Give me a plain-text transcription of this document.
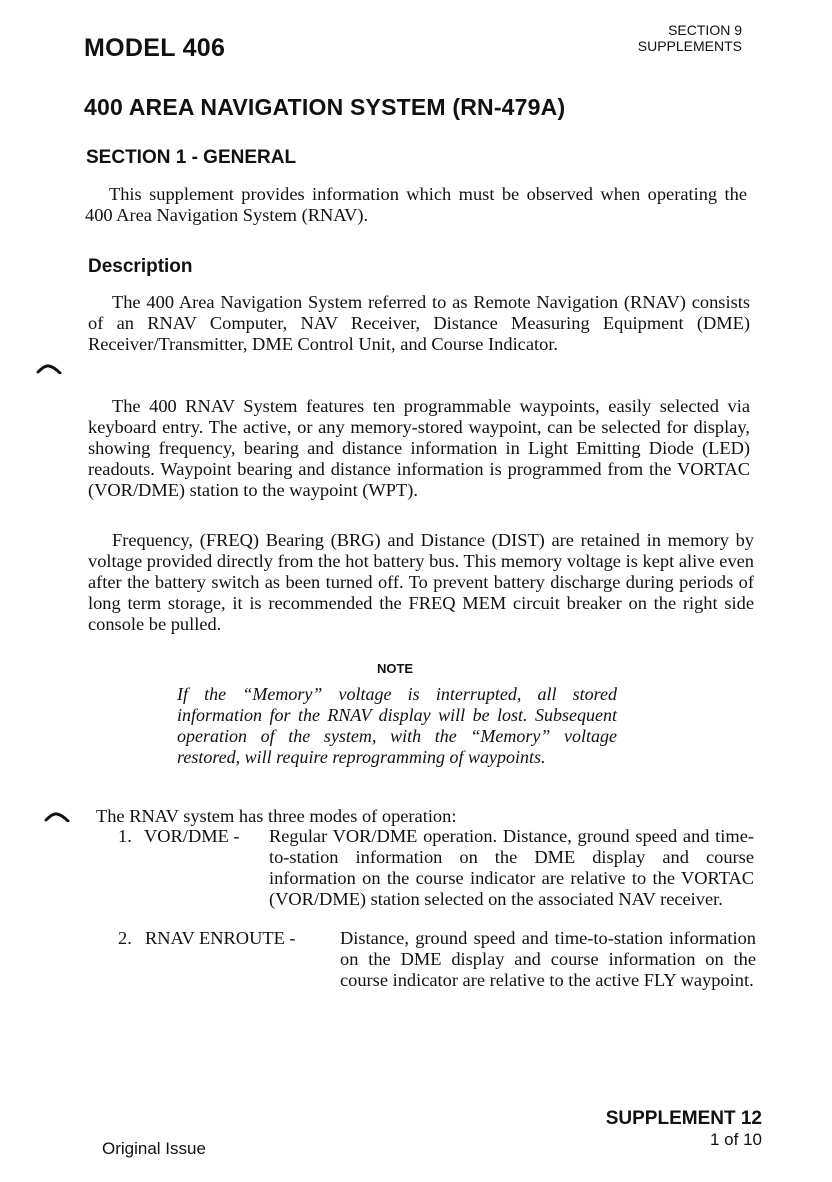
MODEL 406
SECTION 9
SUPPLEMENTS
400 AREA NAVIGATION SYSTEM (RN-479A)
SECTION 1 - GENERAL

This supplement provides information which must be observed when operating the 400 Area Navigation System (RNAV).

Description

The 400 Area Navigation System referred to as Remote Navigation (RNAV) consists of an RNAV Computer, NAV Receiver, Distance Measuring Equipment (DME) Receiver/Transmitter, DME Control Unit, and Course Indicator.

The 400 RNAV System features ten programmable waypoints, easily selected via keyboard entry. The active, or any memory-stored waypoint, can be selected for display, showing frequency, bearing and distance information in Light Emitting Diode (LED) readouts. Waypoint bearing and distance information is programmed from the VORTAC (VOR/DME) station to the waypoint (WPT).

Frequency, (FREQ) Bearing (BRG) and Distance (DIST) are retained in memory by voltage provided directly from the hot battery bus. This memory voltage is kept alive even after the battery switch as been turned off. To prevent battery discharge during periods of long term storage, it is recommended the FREQ MEM circuit breaker on the right side console be pulled.

NOTE

If the “Memory” voltage is interrupted, all stored information for the RNAV display will be lost. Subsequent operation of the system, with the “Memory” voltage restored, will require reprogramming of waypoints.

The RNAV system has three modes of operation:

1. VOR/DME - Regular VOR/DME operation. Distance, ground speed and time-to-station information on the DME display and course information on the course indicator are relative to the VORTAC (VOR/DME) station selected on the associated NAV receiver.

2. RNAV ENROUTE - Distance, ground speed and time-to-station information on the DME display and course information on the course indicator are relative to the active FLY waypoint.

SUPPLEMENT 12
1 of 10
Original Issue
